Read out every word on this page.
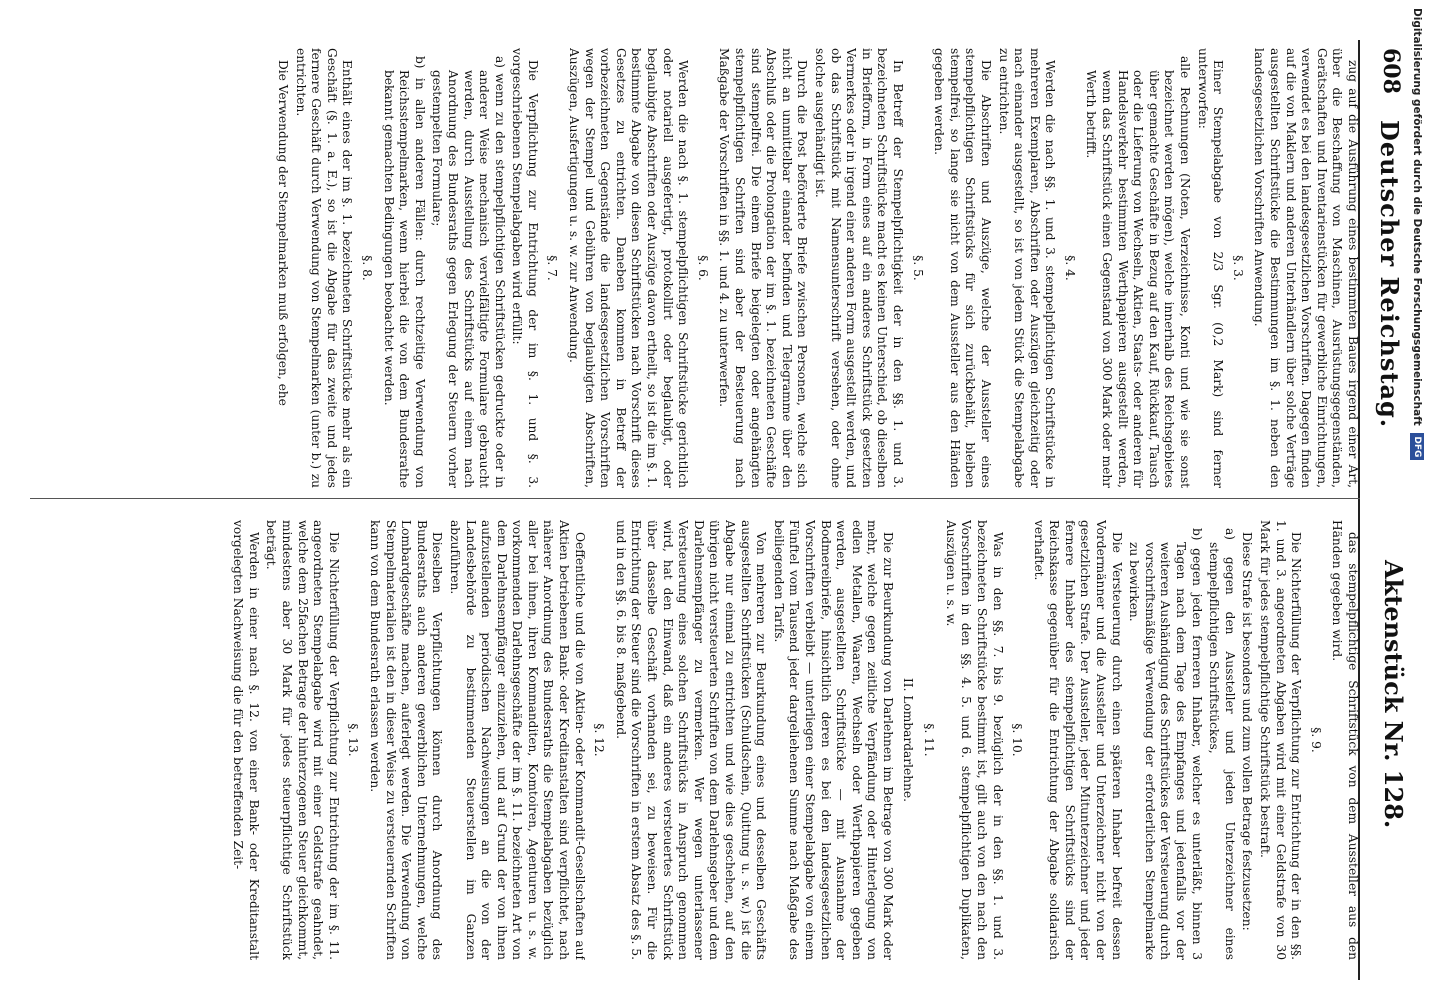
608
Deutscher Reichstag.
Aktenstück Nr. 128.

zug auf die Ausführung eines bestimmten Baues irgend einer Art, über die Beschaffung von Maschinen, Ausrüstungsgegenständen, Gerätschaften und Inventarienstücken für gewerbliche Einrichtungen, verwendet es bei den landesgesetzlichen Vorschriften. Dagegen finden auf die von Maklern und anderen Unterhändlern über solche Verträge ausgestellten Schriftstücke die Bestimmungen im §. 1. neben den landesgesetzlichen Vorschriften Anwendung.

§. 3.

Einer Stempelabgabe von 2/3 Sgr. (0,2 Mark) sind ferner unterworfen:

alle Rechnungen (Noten, Verzeichnisse, Konti und wie sie sonst bezeichnet werden mögen), welche innerhalb des Reichsgebietes über gemachte Geschäfte in Bezug auf den Kauf, Rückkauf, Tausch oder die Lieferung von Wechseln, Aktien, Staats- oder anderen für Handelsverkehr bestimmten Werthpapieren ausgestellt werden, wenn das Schriftstück einen Gegenstand von 300 Mark oder mehr Werth betrifft.

§. 4.

Werden die nach §§. 1. und 3. stempelpflichtigen Schriftstücke in mehreren Exemplaren, Abschriften oder Auszügen gleichzeitig oder nach einander ausgestellt, so ist von jedem Stück die Stempelabgabe zu entrichten.

Die Abschriften und Auszüge, welche der Aussteller eines stempelpflichtigen Schriftstücks für sich zurückbehält, bleiben stempelfrei, so lange sie nicht von dem Aussteller aus den Händen gegeben werden.

§. 5.

In Betreff der Stempelpflichtigkeit der in den §§. 1. und 3. bezeichneten Schriftstücke macht es keinen Unterschied, ob dieselben in Briefform, in Form eines auf ein anderes Schriftstück gesetzten Vermerkes oder in irgend einer anderen Form ausgestellt werden, und ob das Schriftstück mit Namensunterschrift versehen, oder ohne solche ausgehändigt ist.

Durch die Post beförderte Briefe zwischen Personen, welche sich nicht an unmittelbar einander befinden und Telegramme über den Abschluß oder die Prolongation der im §. 1. bezeichneten Geschäfte sind stempelfrei. Die einem Briefe beigelegten oder angehängten stempelpflichtigen Schriften sind aber der Besteuerung nach Maßgabe der Vorschriften in §§. 1. und 4. zu unterwerfen.

§. 6.

Werden die nach §. 1. stempelpflichtigen Schriftstücke gerichtlich oder notariell ausgefertigt, protokollirt oder beglaubigt, oder beglaubigte Abschriften oder Auszüge davon ertheilt, so ist die im §. 1. bestimmte Abgabe von diesen Schriftstücken nach Vorschrift dieses Gesetzes zu entrichten. Daneben kommen in Betreff der vorbezeichneten Gegenstände die landesgesetzlichen Vorschriften wegen der Stempel und Gebühren von beglaubigten Abschriften, Auszügen, Ausfertigungen u. s. w. zur Anwendung.

§. 7.

Die Verpflichtung zur Entrichtung der im §. 1. und §. 3. vorgeschriebenen Stempelabgaben wird erfüllt:

a) wenn zu den stempelpflichtigen Schriftstücken gedruckte oder in anderer Weise mechanisch vervielfältigte Formulare gebraucht werden, durch Ausstellung des Schriftstücks auf einem nach Anordnung des Bundesraths gegen Erlegung der Steuern vorher gestempelten Formulare;

b) in allen anderen Fällen: durch rechtzeitige Verwendung von Reichsstempelmarken, wenn hierbei die von dem Bundesrathe bekannt gemachten Bedingungen beobachtet werden.

§. 8.

Enthält eines der im §. 1. bezeichneten Schriftstücke mehr als ein Geschäft (§. 1. a. E.), so ist die Abgabe für das zweite und jedes fernere Geschäft durch Verwendung von Stempelmarken (unter b.) zu entrichten.

Die Verwendung der Stempelmarken muß erfolgen, ehe

das stempelpflichtige Schriftstück von dem Aussteller aus den Händen gegeben wird.

§. 9.

Die Nichterfüllung der Verpflichtung zur Entrichtung der in den §§. 1. und 3. angeordneten Abgaben wird mit einer Geldstrafe von 30 Mark für jedes stempelpflichtige Schriftstück bestraft.

Diese Strafe ist besonders und zum vollen Betrage festzusetzen:

a) gegen den Aussteller und jeden Unterzeichner eines stempelpflichtigen Schriftstückes,

b) gegen jeden ferneren Inhaber, welcher es unterläßt, binnen 3 Tagen nach dem Tage des Empfanges und jedenfalls vor der weiteren Aushändigung des Schriftstückes der Versteuerung durch vorschriftsmäßige Verwendung der erforderlichen Stempelmarke zu bewirken.

Die Versteuerung durch einen späteren Inhaber befreit dessen Vordermänner und die Aussteller und Unterzeichner nicht von der gesetzlichen Strafe. Der Aussteller, jeder Mitunterzeichner und jeder fernere Inhaber des stempelpflichtigen Schriftstücks sind der Reichskasse gegenüber für die Entrichtung der Abgabe solidarisch verhaftet.

§. 10.

Was in den §§. 7. bis 9. bezüglich der in den §§. 1. und 3. bezeichneten Schriftstücke bestimmt ist, gilt auch von den nach den Vorschriften in den §§. 4. 5. und 6. stempelpflichtigen Duplikaten, Auszügen u. s. w.

§. 11.

II. Lombardarlehne.

Die zur Beurkundung von Darlehnen im Betrage von 300 Mark oder mehr, welche gegen zeitliche Verpfändung oder Hinterlegung von edlen Metallen, Waaren, Wechseln oder Werthpapieren gegeben werden, ausgestellten Schriftstücke — mit Ausnahme der Bodmereibriefe, hinsichtlich deren es bei den landesgesetzlichen Vorschriften verbleibt — unterliegen einer Stempelabgabe von einem Fünftel vom Tausend jeder dargeliehenen Summe nach Maßgabe des beiliegenden Tarifs.

Von mehreren zur Beurkundung eines und desselben Geschäfts ausgestellten Schriftstücken (Schuldschein, Quittung u. s. w.) ist die Abgabe nur einmal zu entrichten und wie dies geschehen, auf den übrigen nicht versteuerten Schriften von dem Darlehnsgeber und dem Darlehnsempfänger zu vermerken. Wer wegen unterlassener Versteuerung eines solchen Schriftstücks in Anspruch genommen wird, hat den Einwand, daß ein anderes versteuertes Schriftstück über dasselbe Geschäft vorhanden sei, zu beweisen. Für die Entrichtung der Steuer sind die Vorschriften in erstem Absatz des §. 5. und in den §§. 6. bis 8. maßgebend.

§. 12.

Oeffentliche und die von Aktien- oder Kommandit-Gesellschaften auf Aktien betriebenen Bank- oder Kreditanstalten sind verpflichtet, nach näherer Anordnung des Bundesraths die Stempelabgaben bezüglich aller bei ihnen, ihren Kommanditen, Komtoiren, Agenturen u. s. w. vorkommenden Darlehnsgeschäfte der im §. 11. bezeichneten Art von dem Darlehnsempfänger einzuziehen, und auf Grund der von ihnen aufzustellenden periodischen Nachweisungen an die von der Landesbehörde zu bestimmenden Steuerstellen im Ganzen abzuführen.

Dieselben Verpflichtungen können durch Anordnung des Bundesraths auch anderen gewerblichen Unternehmungen, welche Lombardgeschäfte machen, auferlegt werden. Die Verwendung von Stempelmaterialien ist den in dieser Weise zu versteuernden Schriften kann von dem Bundesrath erlassen werden.

§. 13.

Die Nichterfüllung der Verpflichtung zur Entrichtung der im §. 11. angeordneten Stempelabgabe wird mit einer Geldstrafe geahndet, welche dem 25fachen Betrage der hinterzogenen Steuer gleichkommt, mindestens aber 30 Mark für jedes steuerpflichtige Schriftstück beträgt.

Werden in einer nach §. 12. von einer Bank- oder Kreditanstalt vorgelegten Nachweisung die für den betreffenden Zeit-

Digitalisierung gefördert durch die Deutsche Forschungsgemeinschaft DFG
